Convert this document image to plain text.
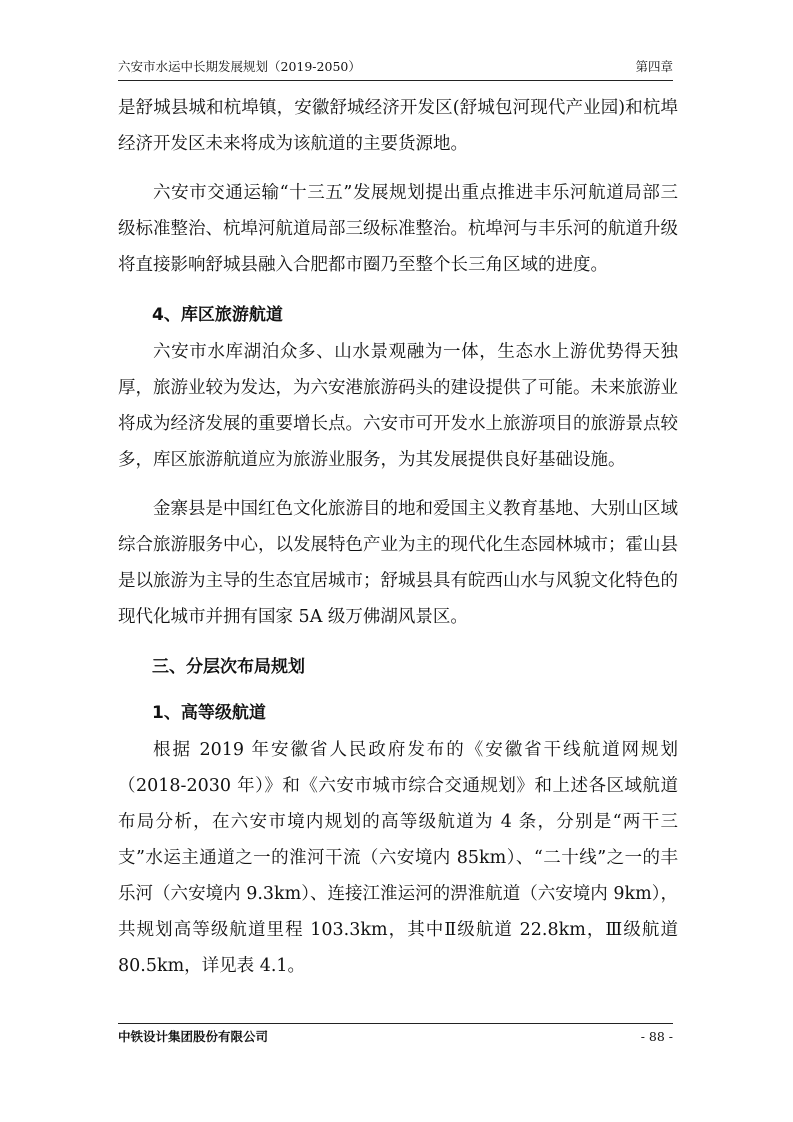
六安市水运中长期发展规划（2019-2050）	第四章

是舒城县城和杭埠镇，安徽舒城经济开发区(舒城包河现代产业园)和杭埠经济开发区未来将成为该航道的主要货源地。

六安市交通运输“十三五”发展规划提出重点推进丰乐河航道局部三级标准整治、杭埠河航道局部三级标准整治。杭埠河与丰乐河的航道升级将直接影响舒城县融入合肥都市圈乃至整个长三角区域的进度。

4、库区旅游航道

六安市水库湖泊众多、山水景观融为一体，生态水上游优势得天独厚，旅游业较为发达，为六安港旅游码头的建设提供了可能。未来旅游业将成为经济发展的重要增长点。六安市可开发水上旅游项目的旅游景点较多，库区旅游航道应为旅游业服务，为其发展提供良好基础设施。

金寨县是中国红色文化旅游目的地和爱国主义教育基地、大别山区域综合旅游服务中心，以发展特色产业为主的现代化生态园林城市；霍山县是以旅游为主导的生态宜居城市；舒城县具有皖西山水与风貌文化特色的现代化城市并拥有国家 5A 级万佛湖风景区。

三、分层次布局规划
1、高等级航道

根据 2019 年安徽省人民政府发布的《安徽省干线航道网规划（2018-2030 年）》和《六安市城市综合交通规划》和上述各区域航道布局分析，在六安市境内规划的高等级航道为 4 条，分别是“两干三支”水运主通道之一的淮河干流（六安境内 85km）、“二十线”之一的丰乐河（六安境内 9.3km）、连接江淮运河的淠淮航道（六安境内 9km），共规划高等级航道里程 103.3km，其中Ⅱ级航道 22.8km，Ⅲ级航道 80.5km，详见表 4.1。

中铁设计集团股份有限公司	- 88 -
